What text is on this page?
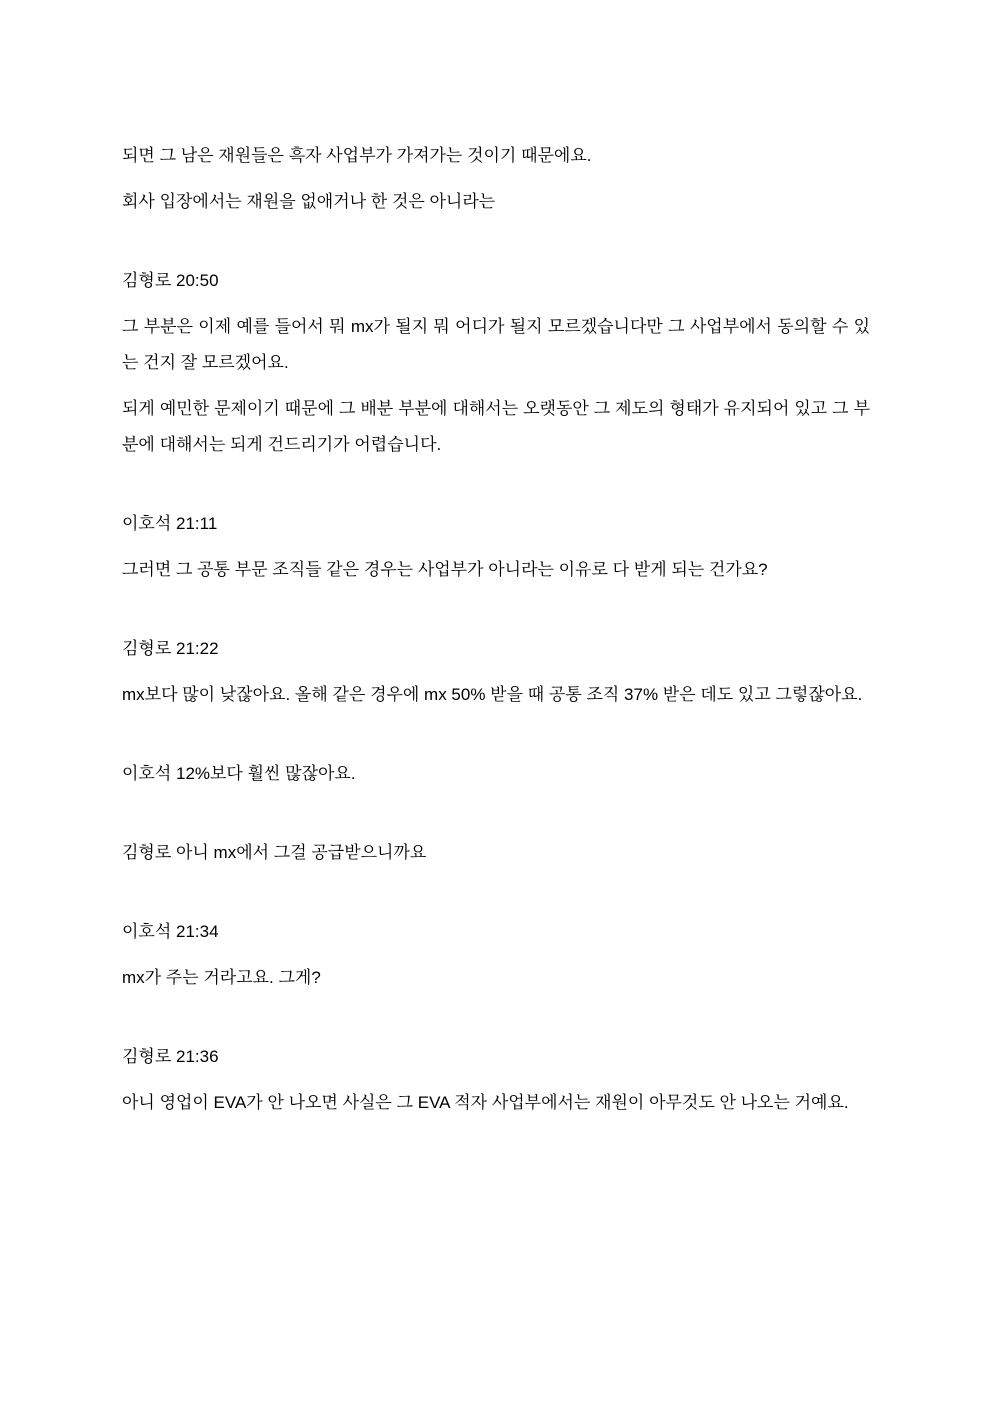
되면 그 남은 재원들은 흑자 사업부가 가져가는 것이기 때문에요.

회사 입장에서는 재원을 없애거나 한 것은 아니라는

김형로 20:50

그 부분은 이제 예를 들어서 뭐 mx가 될지 뭐 어디가 될지 모르겠습니다만 그 사업부에서 동의할 수 있는 건지 잘 모르겠어요.

되게 예민한 문제이기 때문에 그 배분 부분에 대해서는 오랫동안 그 제도의 형태가 유지되어 있고 그 부분에 대해서는 되게 건드리기가 어렵습니다.

이호석 21:11

그러면 그 공통 부문 조직들 같은 경우는 사업부가 아니라는 이유로 다 받게 되는 건가요?

김형로 21:22

mx보다 많이 낮잖아요. 올해 같은 경우에 mx 50% 받을 때 공통 조직 37% 받은 데도 있고 그렇잖아요.

이호석 12%보다 훨씬 많잖아요.

김형로 아니 mx에서 그걸 공급받으니까요

이호석 21:34

mx가 주는 거라고요. 그게?

김형로 21:36

아니 영업이 EVA가 안 나오면 사실은 그 EVA 적자 사업부에서는 재원이 아무것도 안 나오는 거예요.
